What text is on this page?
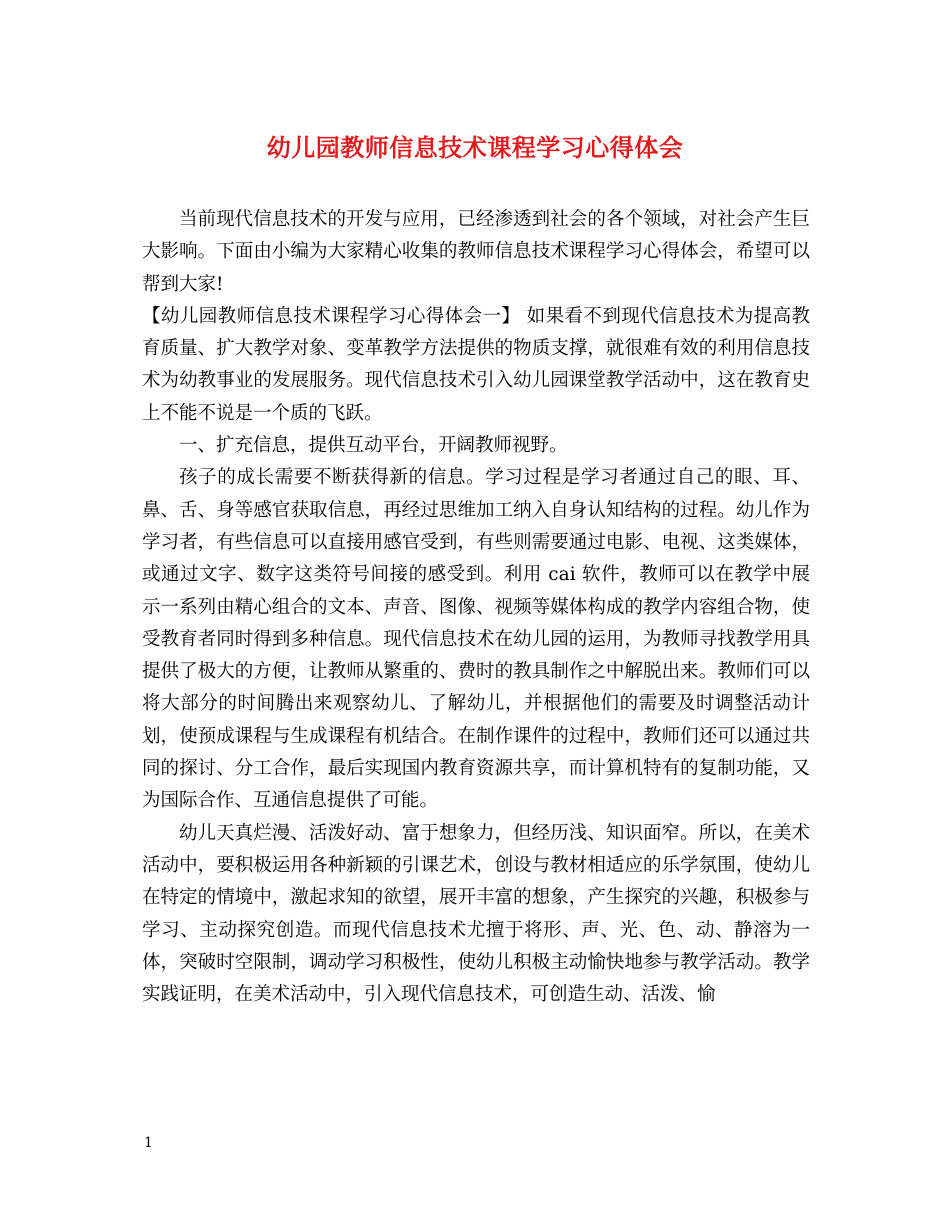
幼儿园教师信息技术课程学习心得体会

当前现代信息技术的开发与应用，已经渗透到社会的各个领域，对社会产生巨大影响。下面由小编为大家精心收集的教师信息技术课程学习心得体会，希望可以帮到大家!

【幼儿园教师信息技术课程学习心得体会一】 如果看不到现代信息技术为提高教育质量、扩大教学对象、变革教学方法提供的物质支撑，就很难有效的利用信息技术为幼教事业的发展服务。现代信息技术引入幼儿园课堂教学活动中，这在教育史上不能不说是一个质的飞跃。

一、扩充信息，提供互动平台，开阔教师视野。

孩子的成长需要不断获得新的信息。学习过程是学习者通过自己的眼、耳、鼻、舌、身等感官获取信息，再经过思维加工纳入自身认知结构的过程。幼儿作为学习者，有些信息可以直接用感官受到，有些则需要通过电影、电视、这类媒体，或通过文字、数字这类符号间接的感受到。利用 cai 软件，教师可以在教学中展示一系列由精心组合的文本、声音、图像、视频等媒体构成的教学内容组合物，使受教育者同时得到多种信息。现代信息技术在幼儿园的运用，为教师寻找教学用具提供了极大的方便，让教师从繁重的、费时的教具制作之中解脱出来。教师们可以将大部分的时间腾出来观察幼儿、了解幼儿，并根据他们的需要及时调整活动计划，使预成课程与生成课程有机结合。在制作课件的过程中，教师们还可以通过共同的探讨、分工合作，最后实现国内教育资源共享，而计算机特有的复制功能，又为国际合作、互通信息提供了可能。

幼儿天真烂漫、活泼好动、富于想象力，但经历浅、知识面窄。所以，在美术活动中，要积极运用各种新颖的引课艺术，创设与教材相适应的乐学氛围，使幼儿在特定的情境中，激起求知的欲望，展开丰富的想象，产生探究的兴趣，积极参与学习、主动探究创造。而现代信息技术尤擅于将形、声、光、色、动、静溶为一体，突破时空限制，调动学习积极性，使幼儿积极主动愉快地参与教学活动。教学实践证明，在美术活动中，引入现代信息技术，可创造生动、活泼、愉

1
